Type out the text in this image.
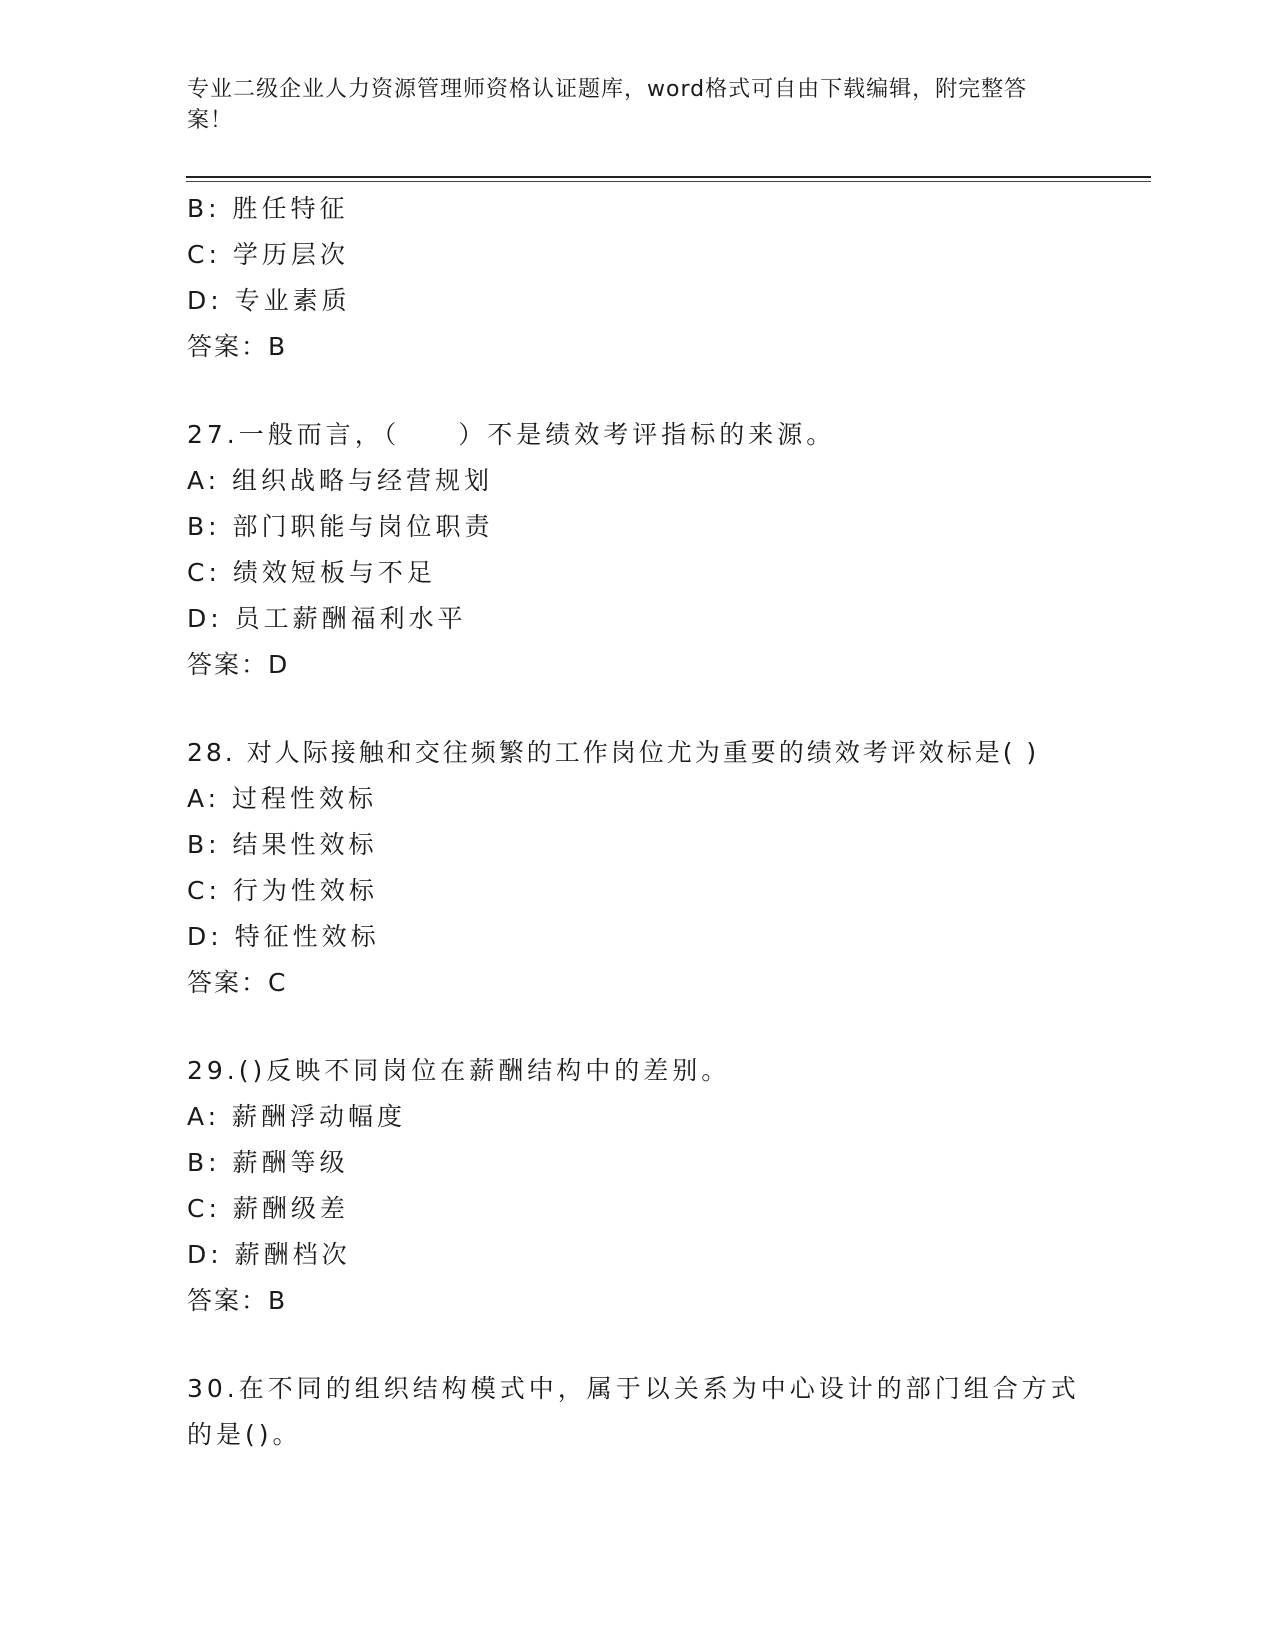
专业二级企业人力资源管理师资格认证题库，word格式可自由下载编辑，附完整答案！
B: 胜任特征
C: 学历层次
D: 专业素质
答案：B
27.一般而言，（　　）不是绩效考评指标的来源。
A: 组织战略与经营规划
B: 部门职能与岗位职责
C: 绩效短板与不足
D: 员工薪酬福利水平
答案：D
28. 对人际接触和交往频繁的工作岗位尤为重要的绩效考评效标是( )
A: 过程性效标
B: 结果性效标
C: 行为性效标
D: 特征性效标
答案：C
29.()反映不同岗位在薪酬结构中的差别。
A: 薪酬浮动幅度
B: 薪酬等级
C: 薪酬级差
D: 薪酬档次
答案：B
30.在不同的组织结构模式中，属于以关系为中心设计的部门组合方式的是()。
